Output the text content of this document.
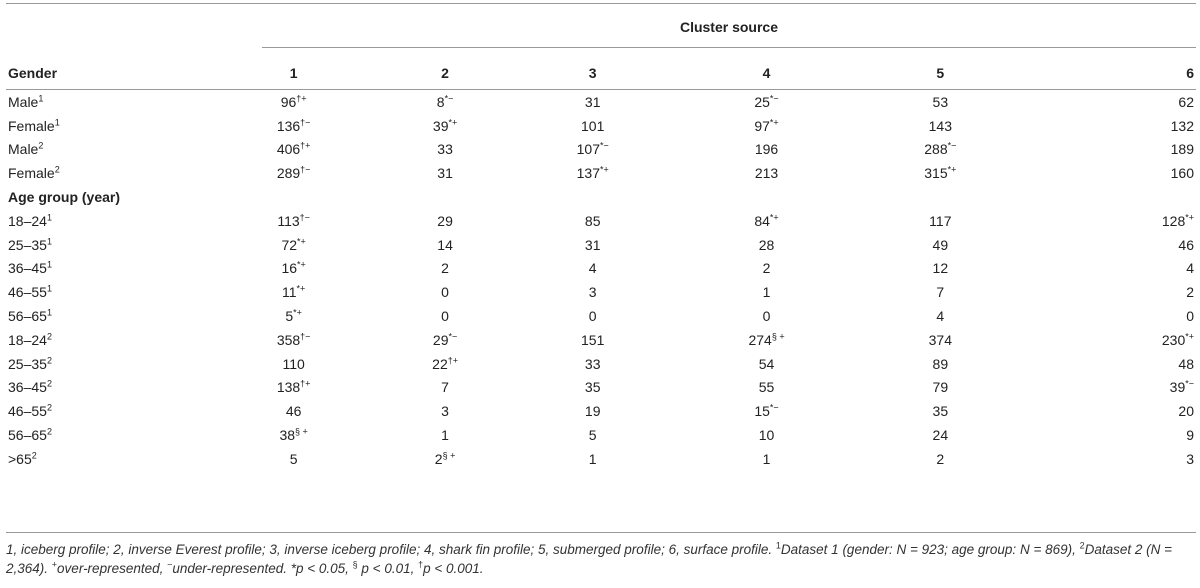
Cluster source
Gender	1	2	3	4	5	6
Male$^1$	96†+	8*−	31	25*−	53	62
Female$^1$	136†−	39*+	101	97*+	143	132
Male$^2$	406†+	33	107*−	196	288*−	189
Female$^2$	289†−	31	137*+	213	315*+	160
Age group (year)						
$18-24^1$	113†−	29	85	84*+	117	128*+
$25-35^1$	72*+	14	31	28	49	46
$36-45^1$	16*+	2	4	2	12	4
$46-55^1$	11*+	0	3	1	7	2
$56-65^1$	5*+	0	0	0	4	0
$18-24^2$	358†−	29*−	151	274§ +	374	230*+
$25-35^2$	110	22†+	33	54	89	48
$36-45^2$	138†+	7	35	55	79	39*−
$46-55^2$	46	3	19	15*−	35	20
$56-65^2$	38§ +	1	5	10	24	9
$>65^2$	5	2§ +	1	1	2	3
1, iceberg profile; 2, inverse Everest profile; 3, inverse iceberg profile; 4, shark fin profile; 5, submerged profile; 6, surface profile. $^1$Dataset 1 (gender: N = 923; age group: N = 869), $^2$Dataset 2 (N = 2,364). +over-represented, −under-represented. *p < 0.05, § p < 0.01, †p < 0.001.
